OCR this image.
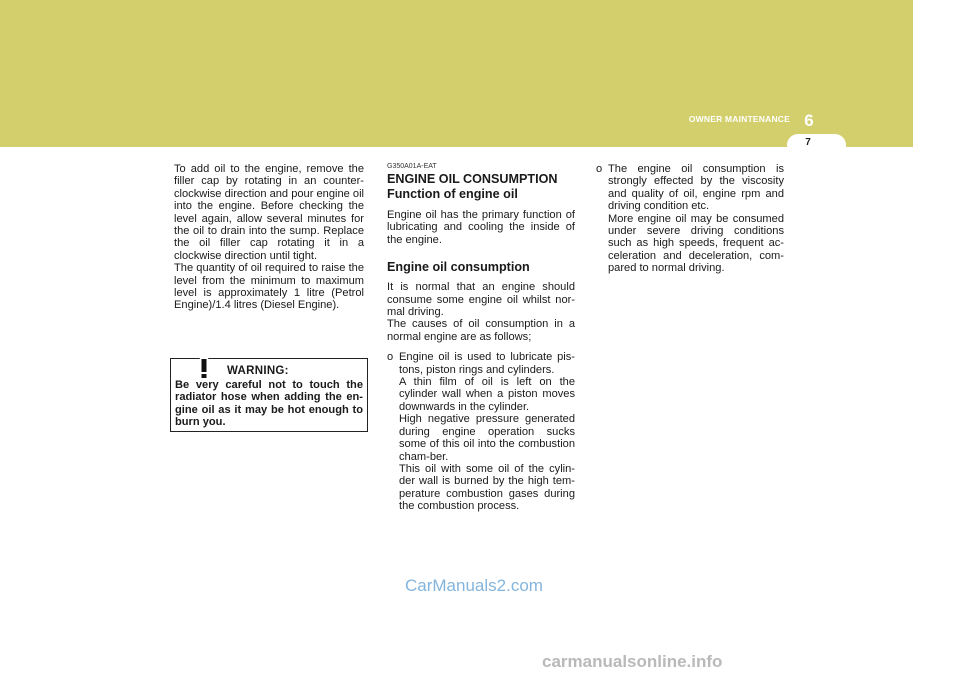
OWNER MAINTENANCE 6
7

To add oil to the engine, remove the filler cap by rotating in an counter-clockwise direction and pour engine oil into the engine. Before checking the level again, allow several minutes for the oil to drain into the sump. Replace the oil filler cap rotating it in a clockwise direction until tight.

The quantity of oil required to raise the level from the minimum to maximum level is approximately 1 litre (Petrol Engine)/1.4 litres (Diesel Engine).

WARNING:
Be very careful not to touch the radiator hose when adding the en-gine oil as it may be hot enough to burn you.

G350A01A-EAT

ENGINE OIL CONSUMPTION

Function of engine oil

Engine oil has the primary function of lubricating and cooling the inside of the engine.

Engine oil consumption

It is normal that an engine should consume some engine oil whilst nor-mal driving.

The causes of oil consumption in a normal engine are as follows;

o Engine oil is used to lubricate pis-tons, piston rings and cylinders.

A thin film of oil is left on the cylinder wall when a piston moves downwards in the cylinder.

High negative pressure generated during engine operation sucks some of this oil into the combustion cham-ber.

This oil with some oil of the cylin-der wall is burned by the high tem-perature combustion gases during the combustion process.

o The engine oil consumption is strongly effected by the viscosity and quality of oil, engine rpm and driving condition etc.

More engine oil may be consumed under severe driving conditions such as high speeds, frequent ac-celeration and deceleration, com-pared to normal driving.

CarManuals2.com
carmanualsonline.info
